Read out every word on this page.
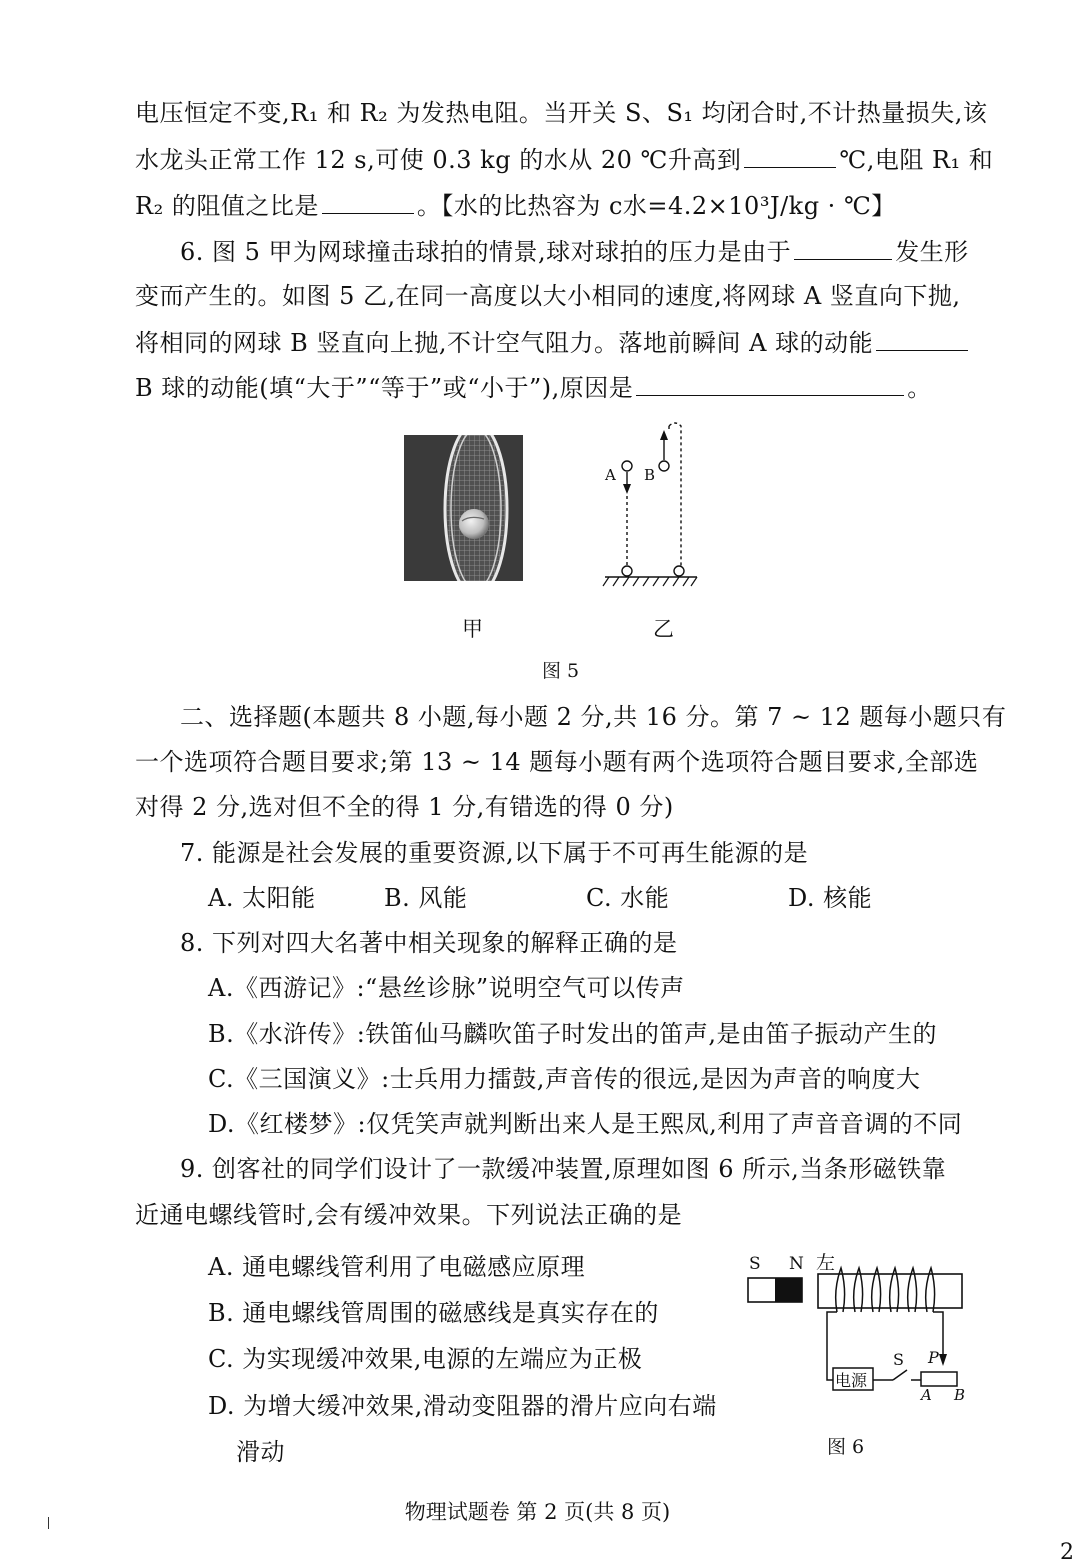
电压恒定不变,R₁ 和 R₂ 为发热电阻。当开关 S、S₁ 均闭合时,不计热量损失,该
水龙头正常工作 12 s,可使 0.3 kg 的水从 20 ℃升高到	℃,电阻 R₁ 和
R₂ 的阻值之比是	。【水的比热容为 c水=4.2×10³J/kg · ℃】
6. 图 5 甲为网球撞击球拍的情景,球对球拍的压力是由于	发生形
变而产生的。如图 5 乙,在同一高度以大小相同的速度,将网球 A 竖直向下抛,
将相同的网球 B 竖直向上抛,不计空气阻力。落地前瞬间 A 球的动能
B 球的动能(填“大于”“等于”或“小于”),原因是	。
A B
甲	乙
图 5
二、选择题(本题共 8 小题,每小题 2 分,共 16 分。第 7 ~ 12 题每小题只有
一个选项符合题目要求;第 13 ~ 14 题每小题有两个选项符合题目要求,全部选
对得 2 分,选对但不全的得 1 分,有错选的得 0 分)
7. 能源是社会发展的重要资源,以下属于不可再生能源的是
A. 太阳能	B. 风能	C. 水能	D. 核能
8. 下列对四大名著中相关现象的解释正确的是
A.《西游记》:“悬丝诊脉”说明空气可以传声
B.《水浒传》:铁笛仙马麟吹笛子时发出的笛声,是由笛子振动产生的
C.《三国演义》:士兵用力擂鼓,声音传的很远,是因为声音的响度大
D.《红楼梦》:仅凭笑声就判断出来人是王熙凤,利用了声音音调的不同
9. 创客社的同学们设计了一款缓冲装置,原理如图 6 所示,当条形磁铁靠
近通电螺线管时,会有缓冲效果。下列说法正确的是
A. 通电螺线管利用了电磁感应原理
B. 通电螺线管周围的磁感线是真实存在的
C. 为实现缓冲效果,电源的左端应为正极
D. 为增大缓冲效果,滑动变阻器的滑片应向右端
滑动
S N 左
电源
S P
A B
图 6
物理试题卷 第 2 页(共 8 页)
2
